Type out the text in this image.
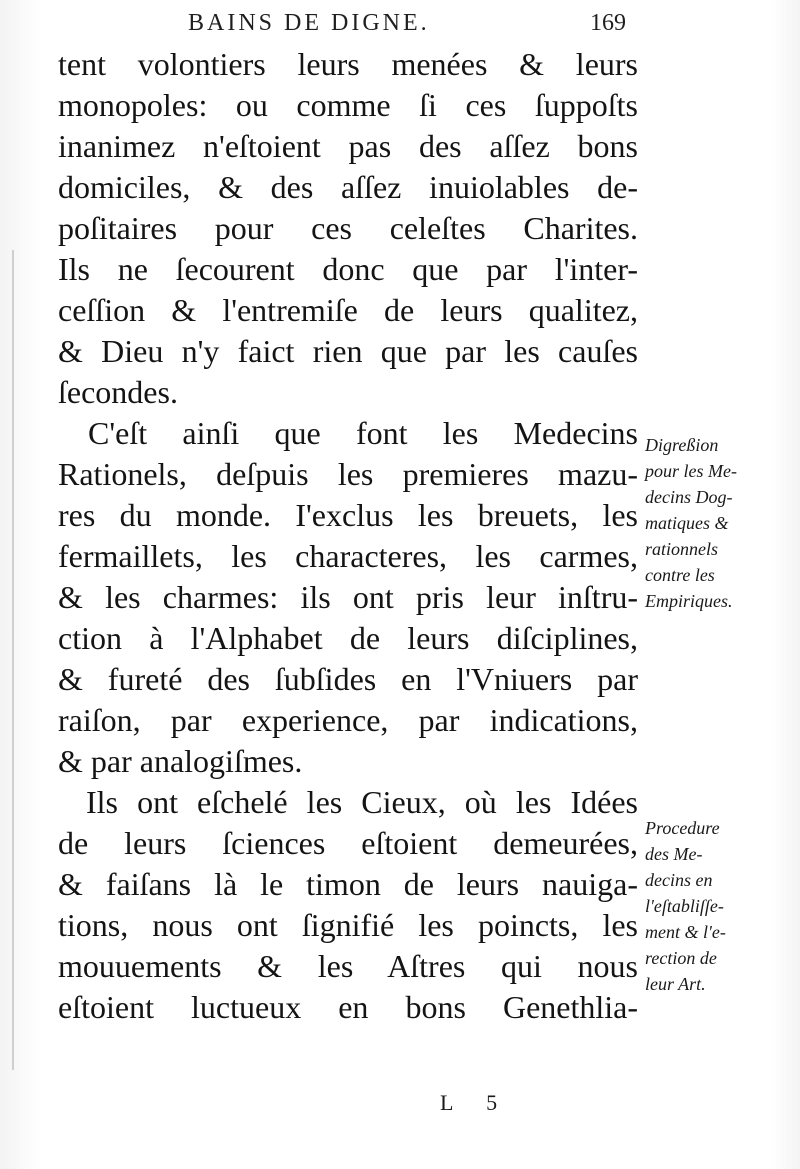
BAINS DE DIGNE.	169
tent volontiers leurs menées & leurs
monopoles: ou comme ſi ces ſuppoſts
inanimez n'eſtoient pas des aſſez bons
domiciles, & des aſſez inuiolables de-
poſitaires pour ces celeſtes Charites.
Ils ne ſecourent donc que par l'inter-
ceſſion & l'entremiſe de leurs qualitez,
& Dieu n'y faict rien que par les cauſes
ſecondes.
C'eſt ainſi que font les Medecins
Rationels, deſpuis les premieres mazu-
res du monde. I'exclus les breuets, les
fermaillets, les characteres, les carmes,
& les charmes: ils ont pris leur inſtru-
ction à l'Alphabet de leurs diſciplines,
& fureté des ſubſides en l'Vniuers par
raiſon, par experience, par indications,
& par analogiſmes.
Ils ont eſchelé les Cieux, où les Idées
de leurs ſciences eſtoient demeurées,
& faiſans là le timon de leurs nauiga-
tions, nous ont ſignifié les poincts, les
mouuements & les Aſtres qui nous
eſtoient luctueux en bons Genethlia-
Digreßion
pour les Me-
decins Dog-
matiques &
rationnels
contre les
Empiriques.
Procedure
des Me-
decins en
l'eſtabliſſe-
ment & l'e-
rection de
leur Art.
L 5
